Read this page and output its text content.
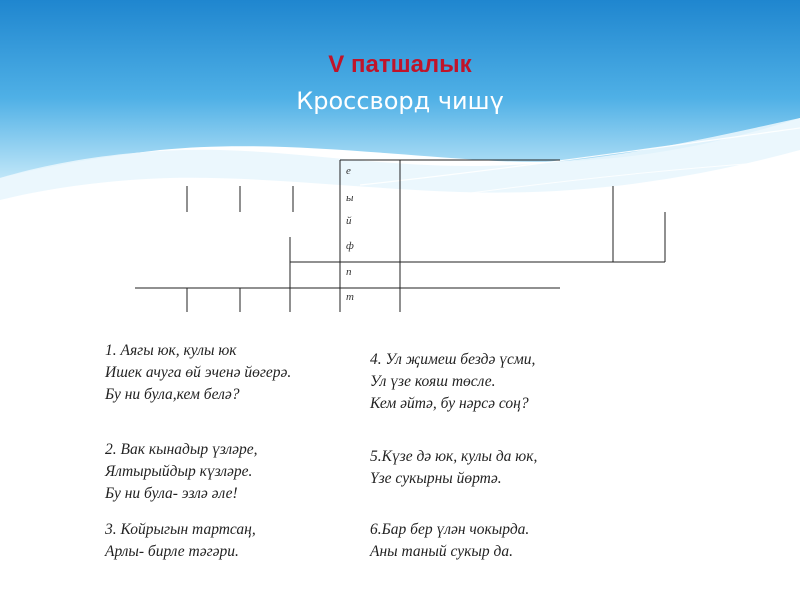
V патшалык
Кроссворд чишү
е
ы
й
ф
п
т
1. Аягы юк, кулы юк
Ишек ачуга өй эченә йөгерә.
Бу ни була,кем белә?
2. Вак кынадыр үзләре,
Ялтырыйдыр күзләре.
Бу ни була- эзлә әле!
3. Койрыгын тартсаң,
Арлы- бирле тәгәри.
4. Ул җимеш бездә үсми,
Ул үзе кояш төсле.
Кем әйтә, бу нәрсә соң?
5.Күзе дә юк, кулы да юк,
Үзе сукырны йөртә.
6.Бар бер үлән чокырда.
Аны таный сукыр да.
